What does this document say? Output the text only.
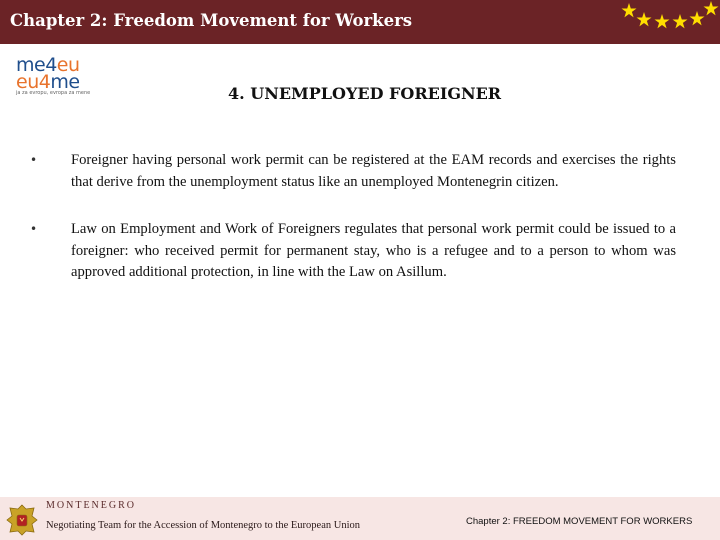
Chapter 2: Freedom Movement for Workers
me4eu
eu4me
ja za evropu, evropa za mene	4. UNEMPLOYED FOREIGNER
• Foreigner having personal work permit can be registered at the EAM records and exercises the rights that derive from the unemployment status like an unemployed Montenegrin citizen.
• Law on Employment and Work of Foreigners regulates that personal work permit could be issued to a foreigner: who received permit for permanent stay, who is a refugee and to a person to whom was approved additional protection, in line with the Law on Asillum.
MONTENEGRO
Negotiating Team for the Accession of Montenegro to the European Union	Chapter 2: FREEDOM MOVEMENT FOR WORKERS
